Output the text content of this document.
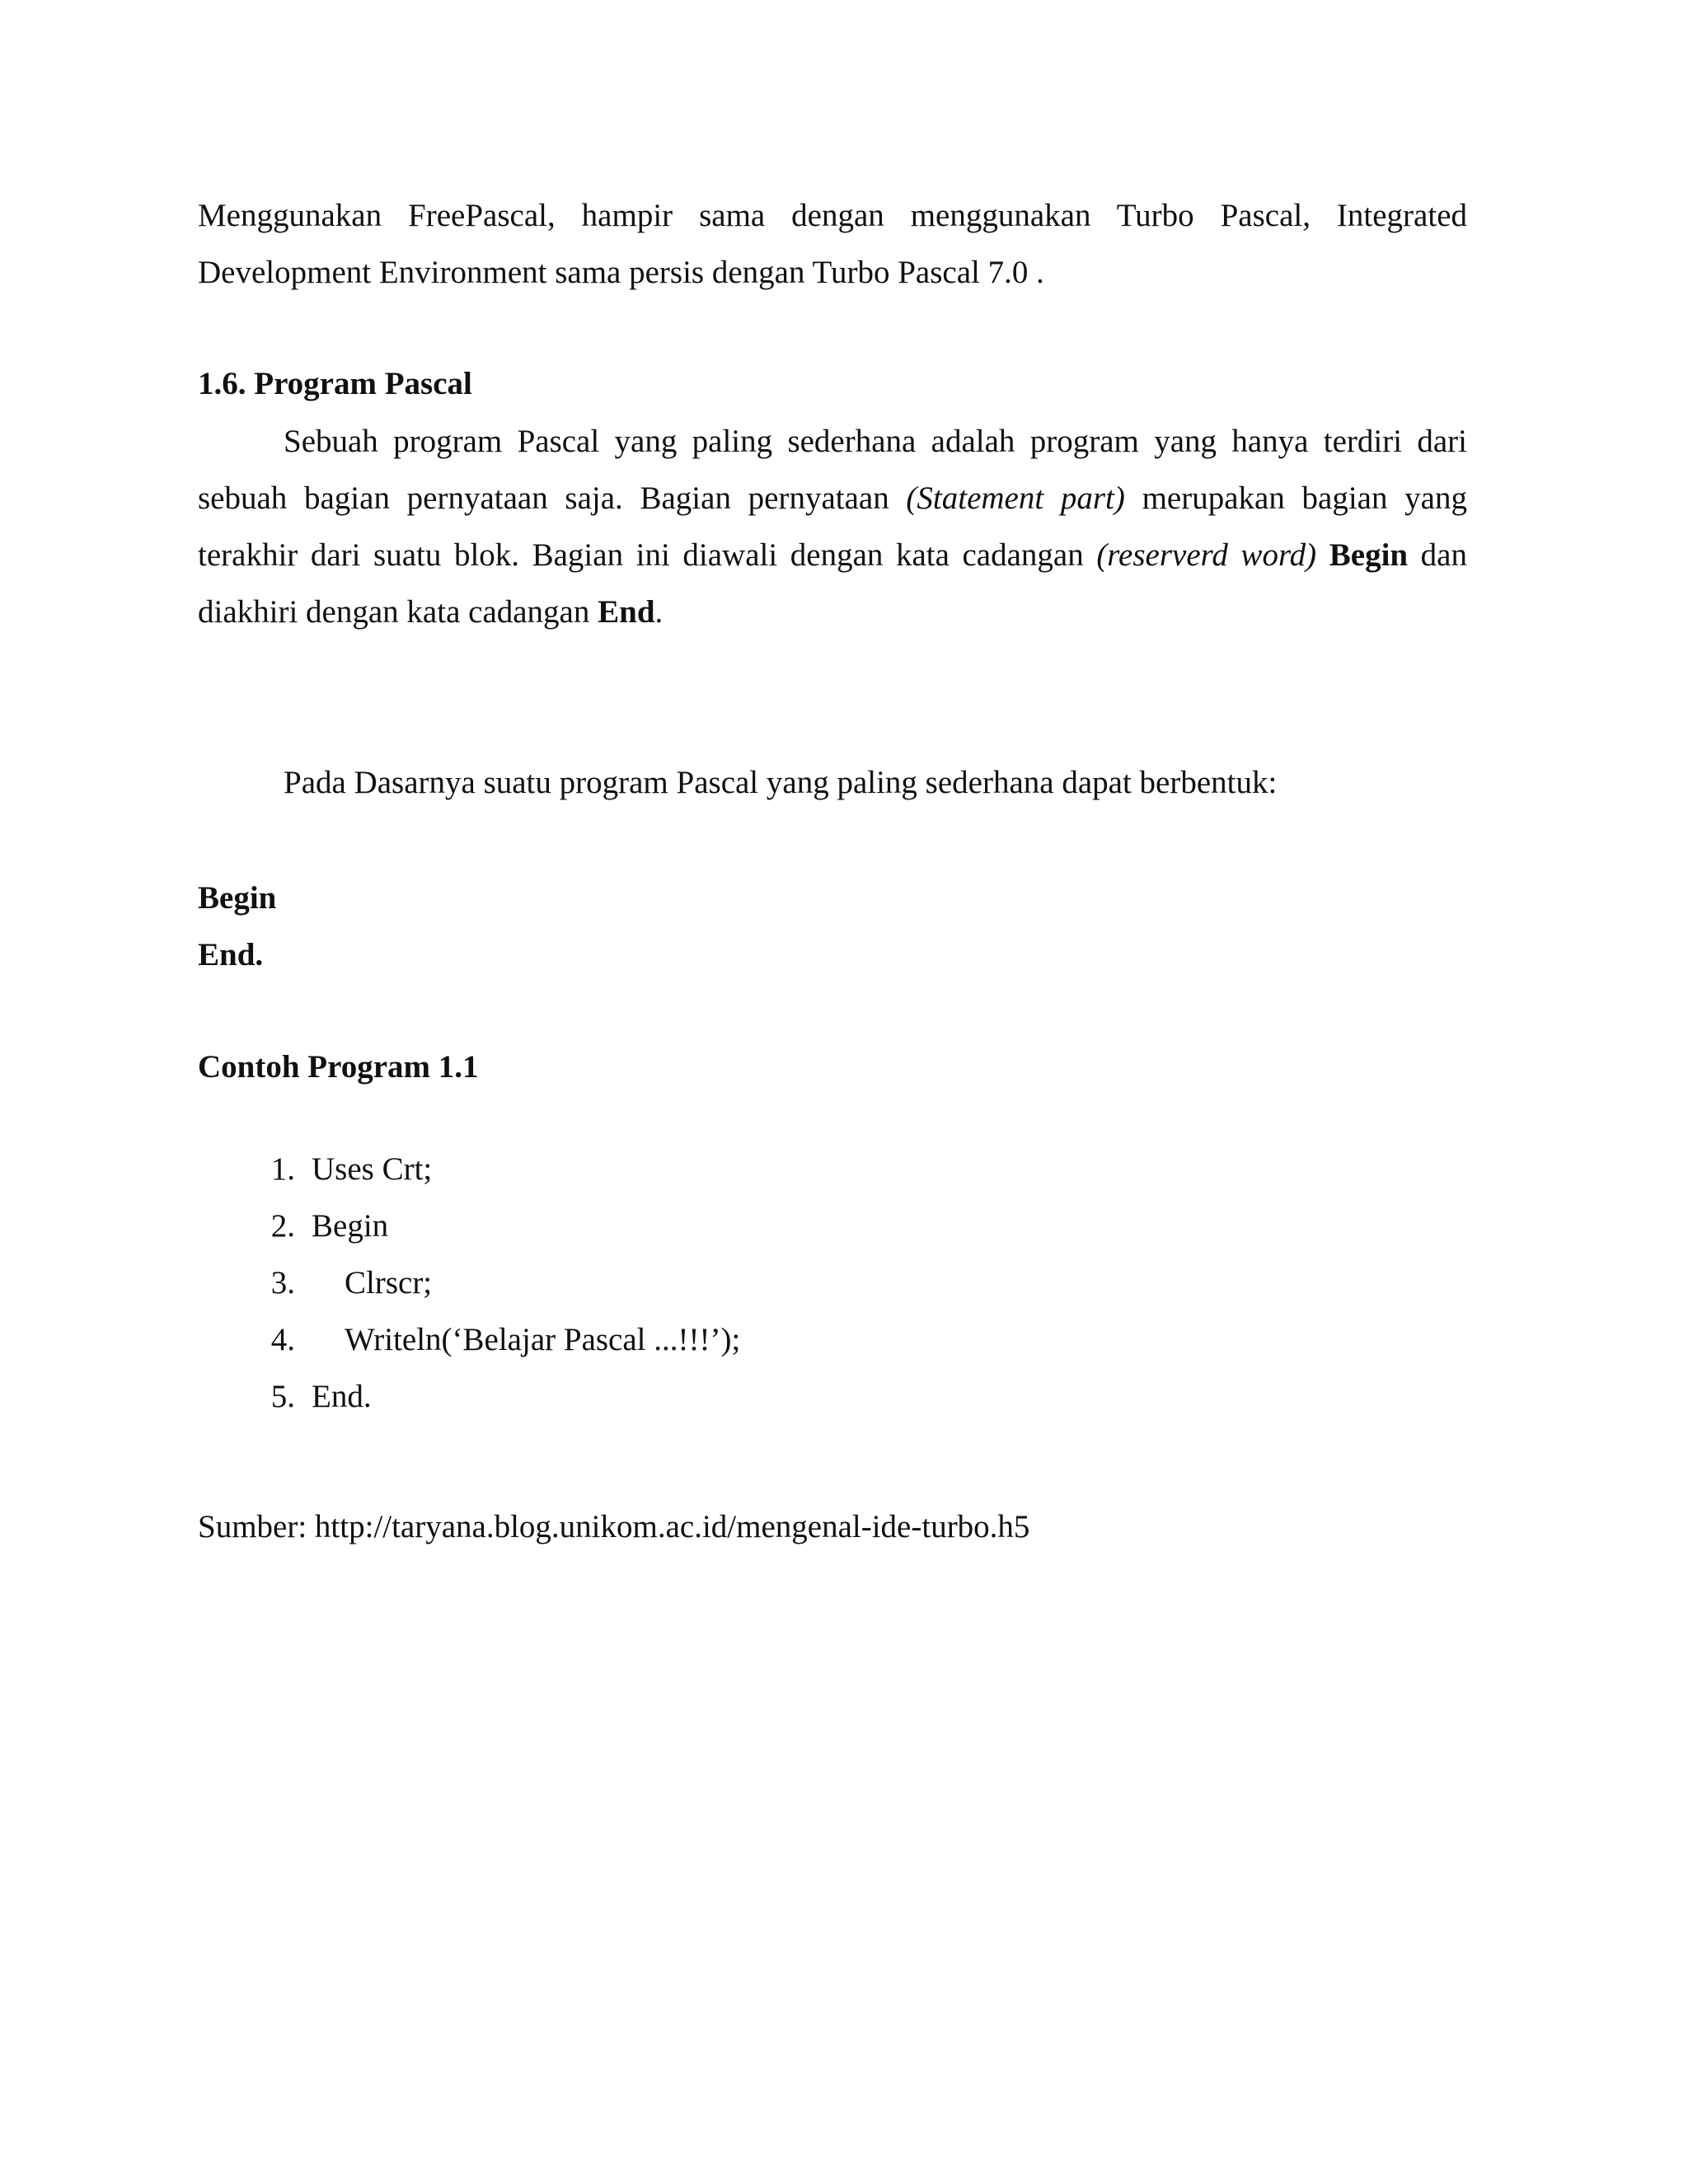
Menggunakan FreePascal, hampir sama dengan menggunakan Turbo Pascal, Integrated Development Environment sama persis dengan Turbo Pascal 7.0 .

1.6. Program Pascal

Sebuah program Pascal yang paling sederhana adalah program yang hanya terdiri dari sebuah bagian pernyataan saja. Bagian pernyataan (Statement part) merupakan bagian yang terakhir dari suatu blok. Bagian ini diawali dengan kata cadangan (reserverd word) Begin dan diakhiri dengan kata cadangan End.

Pada Dasarnya suatu program Pascal yang paling sederhana dapat berbentuk:

Begin

End.

Contoh Program 1.1

1. Uses Crt;
2. Begin
3. Clrscr;
4. Writeln(‘Belajar Pascal ...!!!’);
5. End.

Sumber: http://taryana.blog.unikom.ac.id/mengenal-ide-turbo.h5
